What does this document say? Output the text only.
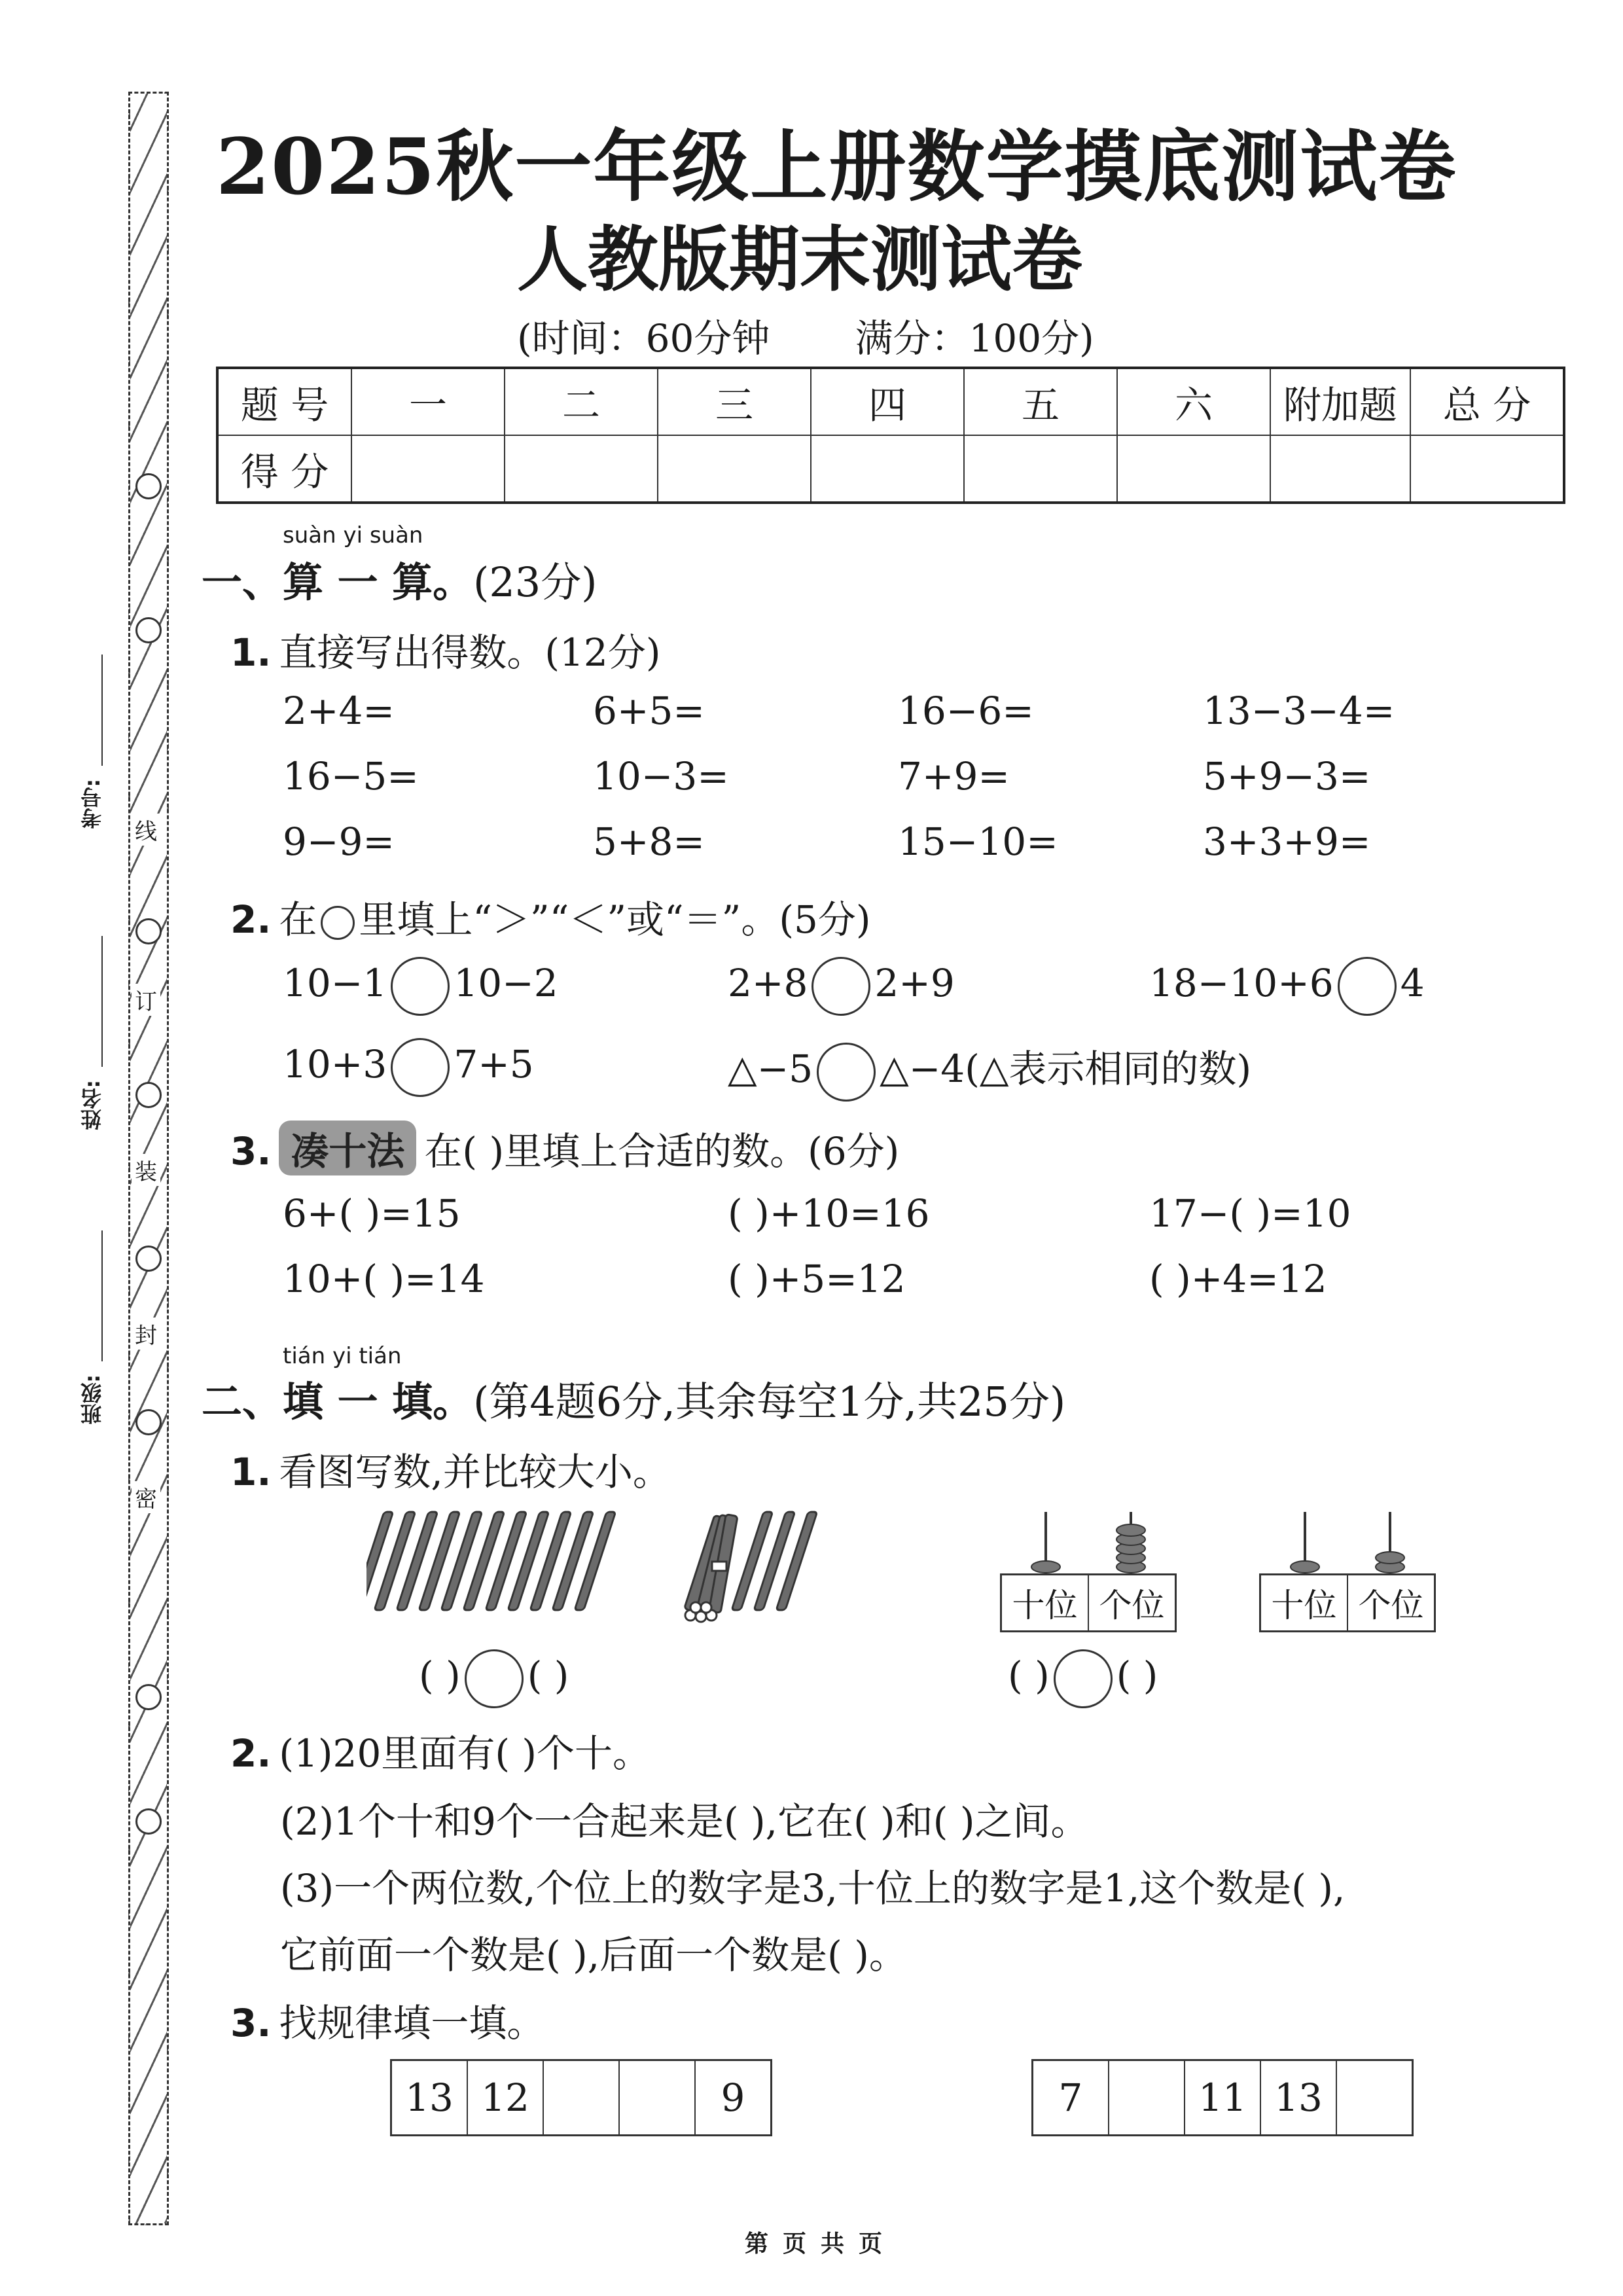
线
订
装
封
密
考号:
姓名:
班级:
2025秋一年级上册数学摸底测试卷
人教版期末测试卷
(时间：60分钟 满分：100分)
题 号	一	二	三	四	五	六	附加题	总 分
得 分								
suàn yi suàn
一、算 一 算。(23分)
1. 直接写出得数。(12分)
2+4=	6+5=	16−6=	13−3−4=
16−5=	10−3=	7+9=	5+9−3=
9−9=	5+8=	15−10=	3+3+9=
2. 在 里填上“＞”“＜”或“＝”。(5分)
10−1 10−2	2+8 2+9	18−10+6 4
10+3 7+5	△−5 △−4(△表示相同的数)
3. 凑十法 在( )里填上合适的数。(6分)
6+( )=15	( )+10=16	17−( )=10
10+( )=14	( )+5=12	( )+4=12
tián yi tián
二、填 一 填。(第4题6分,其余每空1分,共25分)
1. 看图写数,并比较大小。
十位	个位	十位	个位
( ) ( )	( ) ( )
2. (1)20里面有( )个十。
(2)1个十和9个一合起来是( ),它在( )和( )之间。
(3)一个两位数,个位上的数字是3,十位上的数字是1,这个数是( ),
它前面一个数是( ),后面一个数是( )。
3. 找规律填一填。
13	12			9	7		11	13	
第 页 共 页
